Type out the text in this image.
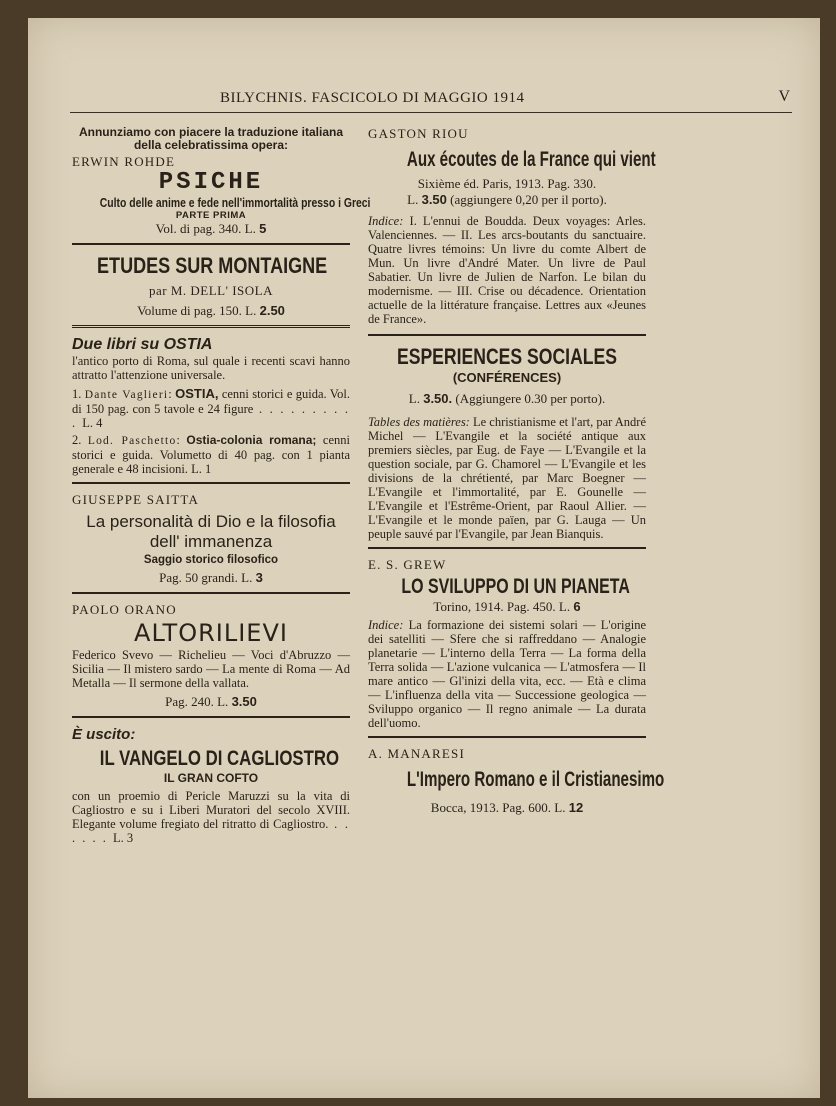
BILYCHNIS. FASCICOLO DI MAGGIO 1914	V

Annunziamo con piacere la traduzione italiana della celebratissima opera:

ERWIN ROHDE

PSICHE

Culto delle anime e fede nell'immortalità presso i Greci

PARTE PRIMA

Vol. di pag. 340. L. 5

ETUDES SUR MONTAIGNE

par M. DELL' ISOLA

Volume di pag. 150. L. 2.50

Due libri su OSTIA

l'antico porto di Roma, sul quale i recenti scavi hanno attratto l'attenzione universale.

1. Dante Vaglieri: OSTIA, cenni storici e guida. Vol. di 150 pag. con 5 tavole e 24 figure . . . . . . . . . . L. 4

2. Lod. Paschetto: Ostia-colonia romana; cenni storici e guida. Volumetto di 40 pag. con 1 pianta generale e 48 incisioni. L. 1

GIUSEPPE SAITTA

La personalità di Dio e la filosofia dell' immanenza

Saggio storico filosofico

Pag. 50 grandi. L. 3

PAOLO ORANO

ALTORILIEVI

Federico Svevo — Richelieu — Voci d'Abruzzo — Sicilia — Il mistero sardo — La mente di Roma — Ad Metalla — Il sermone della vallata.

Pag. 240. L. 3.50

È uscito:

IL VANGELO DI CAGLIOSTRO

IL GRAN COFTO

con un proemio di Pericle Maruzzi su la vita di Cagliostro e su i Liberi Muratori del secolo XVIII. Elegante volume fregiato del ritratto di Cagliostro. . . . . . . L. 3

GASTON RIOU

Aux écoutes de la France qui vient

Sixième éd. Paris, 1913. Pag. 330.

L. 3.50 (aggiungere 0,20 per il porto).

Indice: I. L'ennui de Boudda. Deux voyages: Arles. Valenciennes. — II. Les arcs-boutants du sanctuaire. Quatre livres témoins: Un livre du comte Albert de Mun. Un livre d'André Mater. Un livre de Paul Sabatier. Un livre de Julien de Narfon. Le bilan du modernisme. — III. Crise ou décadence. Orientation actuelle de la littérature française. Lettres aux «Jeunes de France».

ESPERIENCES SOCIALES

(CONFÉRENCES)

L. 3.50. (Aggiungere 0.30 per porto).

Tables des matières: Le christianisme et l'art, par André Michel — L'Evangile et la société antique aux premiers siècles, par Eug. de Faye — L'Evangile et la question sociale, par G. Chamorel — L'Evangile et les divisions de la chrétienté, par Marc Boegner — L'Evangile et l'immortalité, par E. Gounelle — L'Evangile et l'Estrême-Orient, par Raoul Allier. — L'Evangile et le monde païen, par G. Lauga — Un peuple sauvé par l'Evangile, par Jean Bianquis.

E. S. GREW

LO SVILUPPO DI UN PIANETA

Torino, 1914. Pag. 450. L. 6

Indice: La formazione dei sistemi solari — L'origine dei satelliti — Sfere che si raffreddano — Analogie planetarie — L'interno della Terra — La forma della Terra solida — L'azione vulcanica — L'atmosfera — Il mare antico — Gl'inizi della vita, ecc. — Età e clima — L'influenza della vita — Successione geologica — Sviluppo organico — Il regno animale — La durata dell'uomo.

A. MANARESI

L'Impero Romano e il Cristianesimo

Bocca, 1913. Pag. 600. L. 12
